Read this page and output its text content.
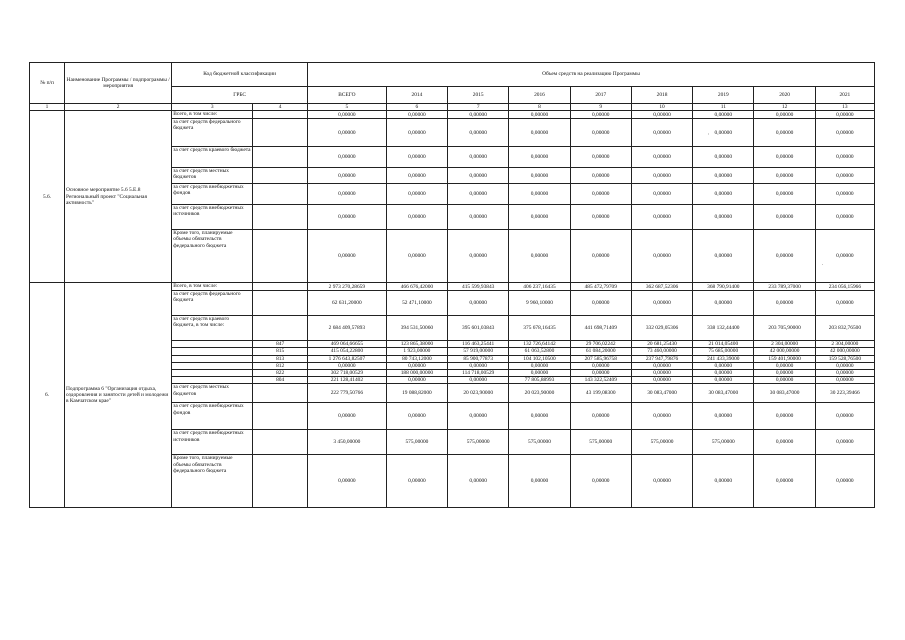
№ п/п	Наименование Программы / подпрограммы / мероприятия	Код бюджетной классификации		Объем средств на реализацию Программы								
		ГРБС		ВСЕГО	2014	2015	2016	2017	2018	2019	2020	2021
1	2	3	4	5	6	7	8	9	10	11	12	13
5.6.	Основное мероприятие 5.6 5.Е.8 Региональный проект "Социальная активность"	Всего, в том числе:		0,00000	0,00000	0,00000	0,00000	0,00000	0,00000	0,00000	0,00000	0,00000
		за счет средств федерального бюджета		0,00000	0,00000	0,00000	0,00000	0,00000	0,00000	0,00000	0,00000	0,00000
		за счет средств краевого бюджета		0,00000	0,00000	0,00000	0,00000	0,00000	0,00000	0,00000	0,00000	0,00000
		за счет средств местных бюджетов		0,00000	0,00000	0,00000	0,00000	0,00000	0,00000	0,00000	0,00000	0,00000
		за счет средств внебюджетных фондов		0,00000	0,00000	0,00000	0,00000	0,00000	0,00000	0,00000	0,00000	0,00000
		за счет средств внебюджетных источников		0,00000	0,00000	0,00000	0,00000	0,00000	0,00000	0,00000	0,00000	0,00000
		Кроме того, планируемые объемы обязательств федерального бюджета		0,00000	0,00000	0,00000	0,00000	0,00000	0,00000	0,00000	0,00000	0,00000
6.	Подпрограмма 6 "Организация отдыха, оздоровления и занятости детей и молодежи в Камчатском крае"	Всего, в том числе:		2 973 270,28659	466 676,42000	415 599,93843	406 237,16435	485 472,79709	362 687,52306	368 790,91400	233 789,37000	234 056,15966
		за счет средств федерального бюджета		62 631,20000	52 471,10000	0,00000	9 960,10000	0,00000	0,00000	0,00000	0,00000	0,00000
		за счет средств краевого бюджета, в том числе:		2 684 409,57893	394 531,50060	395 601,03843	375 678,16435	441 698,71409	332 029,05306	338 132,44400	203 705,90000	203 832,76500
			847	469 064,66655	123 865,38000	116 463,25441	132 726,64142	29 706,02242	20 681,25430	21 014,05400	2 304,00000	2 304,00000
			815	415 054,22800	1 923,00000	57 919,00000	61 063,52800	61 084,20000	73 460,00000	75 685,00000	42 000,00000	42 000,00000
			813	1 276 643,82507	80 743,12000	85 900,77873	104 102,10500	207 585,96758	237 947,79876	241 433,39000	159 401,90000	159 528,76500
			812	0,00000	0,00000	0,00000	0,00000	0,00000	0,00000	0,00000	0,00000	0,00000
			822	302 718,00529	188 000,00000	114 718,00529	0,00000	0,00000	0,00000	0,00000	0,00000	0,00000
			804	221 128,41402	0,00000	0,00000	77 805,88993	143 322,52409	0,00000	0,00000	0,00000	0,00000
		за счет средств местных бюджетов		222 779,50766	19 088,82000	20 023,90000	20 023,90000	43 199,08300	30 083,47000	30 083,47000	30 083,47000	30 223,39466
		за счет средств внебюджетных фондов		0,00000	0,00000	0,00000	0,00000	0,00000	0,00000	0,00000	0,00000	0,00000
		за счет средств внебюджетных источников		3 450,00000	575,00000	575,00000	575,00000	575,00000	575,00000	575,00000	0,00000	0,00000
		Кроме того, планируемые объемы обязательств федерального бюджета		0,00000	0,00000	0,00000	0,00000	0,00000	0,00000	0,00000	0,00000	0,00000
'
.
